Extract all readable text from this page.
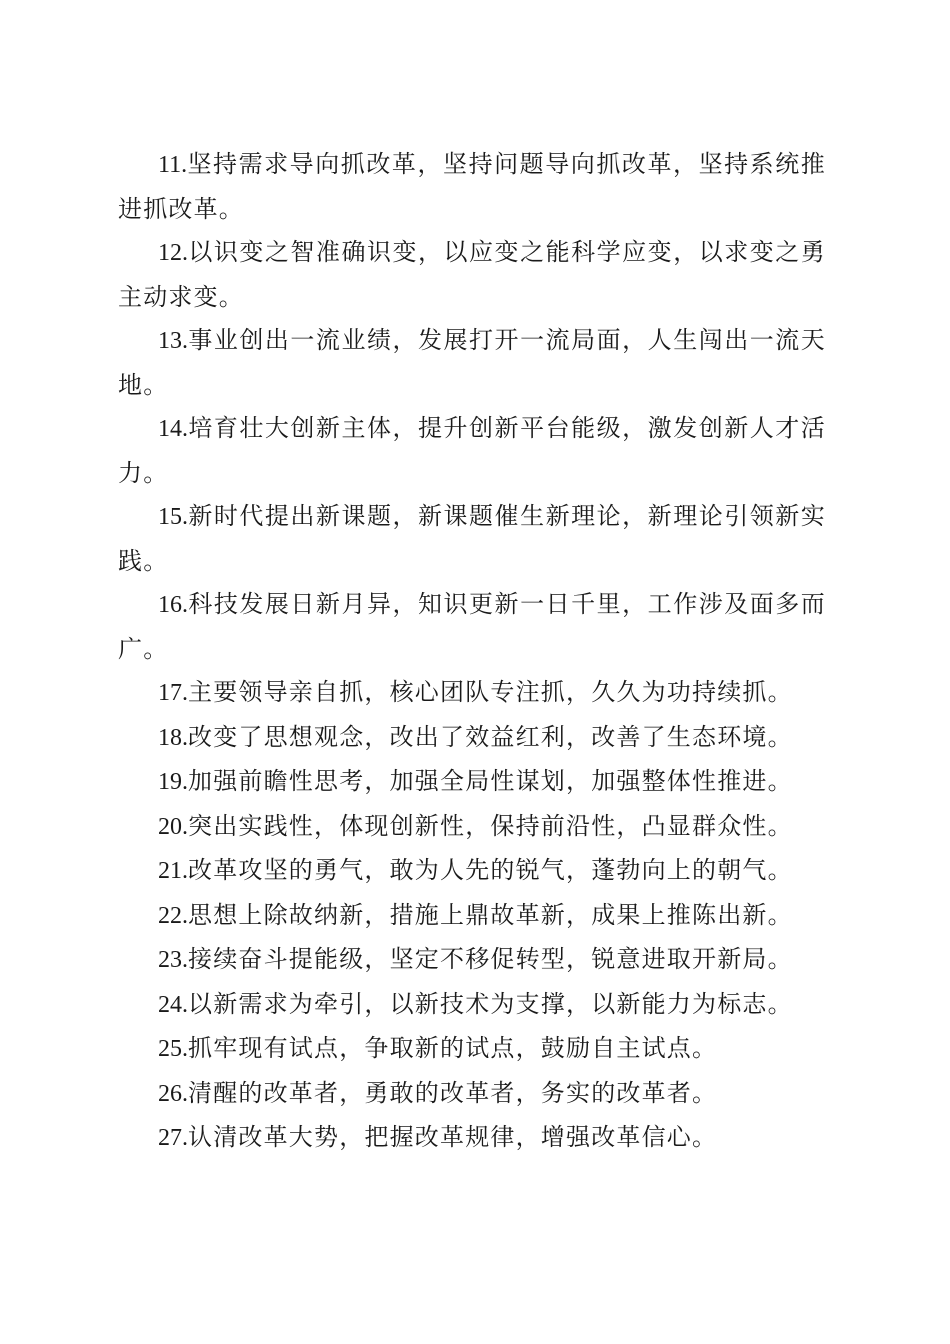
11.坚持需求导向抓改革，坚持问题导向抓改革，坚持系统推进抓改革。

12.以识变之智准确识变，以应变之能科学应变，以求变之勇主动求变。

13.事业创出一流业绩，发展打开一流局面，人生闯出一流天地。

14.培育壮大创新主体，提升创新平台能级，激发创新人才活力。

15.新时代提出新课题，新课题催生新理论，新理论引领新实践。

16.科技发展日新月异，知识更新一日千里，工作涉及面多而广。

17.主要领导亲自抓，核心团队专注抓，久久为功持续抓。

18.改变了思想观念，改出了效益红利，改善了生态环境。

19.加强前瞻性思考，加强全局性谋划，加强整体性推进。

20.突出实践性，体现创新性，保持前沿性，凸显群众性。

21.改革攻坚的勇气，敢为人先的锐气，蓬勃向上的朝气。

22.思想上除故纳新，措施上鼎故革新，成果上推陈出新。

23.接续奋斗提能级，坚定不移促转型，锐意进取开新局。

24.以新需求为牵引，以新技术为支撑，以新能力为标志。

25.抓牢现有试点，争取新的试点，鼓励自主试点。

26.清醒的改革者，勇敢的改革者，务实的改革者。

27.认清改革大势，把握改革规律，增强改革信心。
